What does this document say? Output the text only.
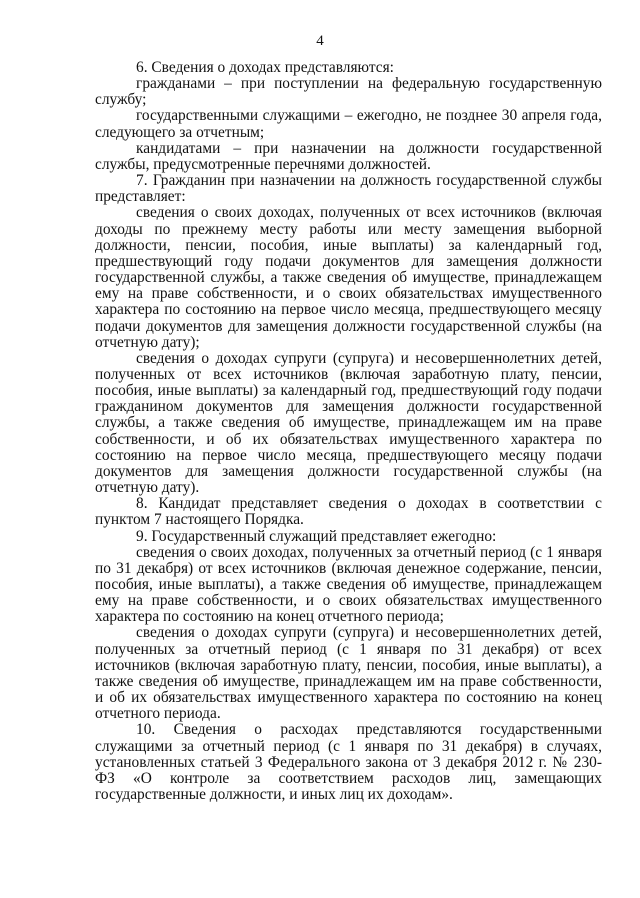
4

6. Сведения о доходах представляются:

гражданами – при поступлении на федеральную государственную службу;

государственными служащими – ежегодно, не позднее 30 апреля года, следующего за отчетным;

кандидатами – при назначении на должности государственной службы, предусмотренные перечнями должностей.

7. Гражданин при назначении на должность государственной службы представляет:

сведения о своих доходах, полученных от всех источников (включая доходы по прежнему месту работы или месту замещения выборной должности, пенсии, пособия, иные выплаты) за календарный год, предшествующий году подачи документов для замещения должности государственной службы, а также сведения об имуществе, принадлежащем ему на праве собственности, и о своих обязательствах имущественного характера по состоянию на первое число месяца, предшествующего месяцу подачи документов для замещения должности государственной службы (на отчетную дату);

сведения о доходах супруги (супруга) и несовершеннолетних детей, полученных от всех источников (включая заработную плату, пенсии, пособия, иные выплаты) за календарный год, предшествующий году подачи гражданином документов для замещения должности государственной службы, а также сведения об имуществе, принадлежащем им на праве собственности, и об их обязательствах имущественного характера по состоянию на первое число месяца, предшествующего месяцу подачи документов для замещения должности государственной службы (на отчетную дату).

8. Кандидат представляет сведения о доходах в соответствии с пунктом 7 настоящего Порядка.

9. Государственный служащий представляет ежегодно:

сведения о своих доходах, полученных за отчетный период (с 1 января по 31 декабря) от всех источников (включая денежное содержание, пенсии, пособия, иные выплаты), а также сведения об имуществе, принадлежащем ему на праве собственности, и о своих обязательствах имущественного характера по состоянию на конец отчетного периода;

сведения о доходах супруги (супруга) и несовершеннолетних детей, полученных за отчетный период (с 1 января по 31 декабря) от всех источников (включая заработную плату, пенсии, пособия, иные выплаты), а также сведения об имуществе, принадлежащем им на праве собственности, и об их обязательствах имущественного характера по состоянию на конец отчетного периода.

10. Сведения о расходах представляются государственными служащими за отчетный период (с 1 января по 31 декабря) в случаях, установленных статьей 3 Федерального закона от 3 декабря 2012 г. № 230-ФЗ «О контроле за соответствием расходов лиц, замещающих государственные должности, и иных лиц их доходам».
